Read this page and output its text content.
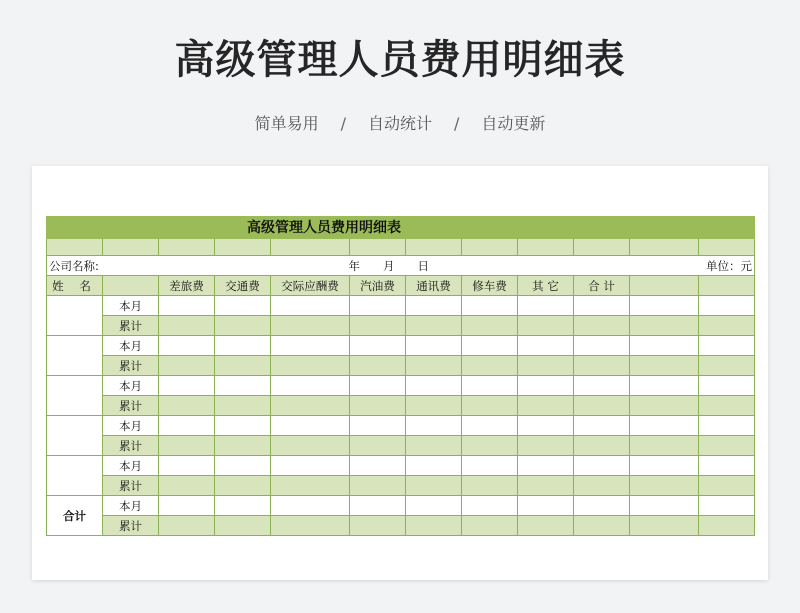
高级管理人员费用明细表
简单易用 / 自动统计 / 自动更新
高级管理人员费用明细表											

公司名称:		年　　月　　日						单位：元			
姓 名		差旅费	交通费	交际应酬费	汽油费	通讯费	修车费	其 它	合 计		
	本月										
	累计										
	本月										
	累计										
	本月										
	累计										
	本月										
	累计										
	本月										
	累计										
合计	本月										
	累计										
